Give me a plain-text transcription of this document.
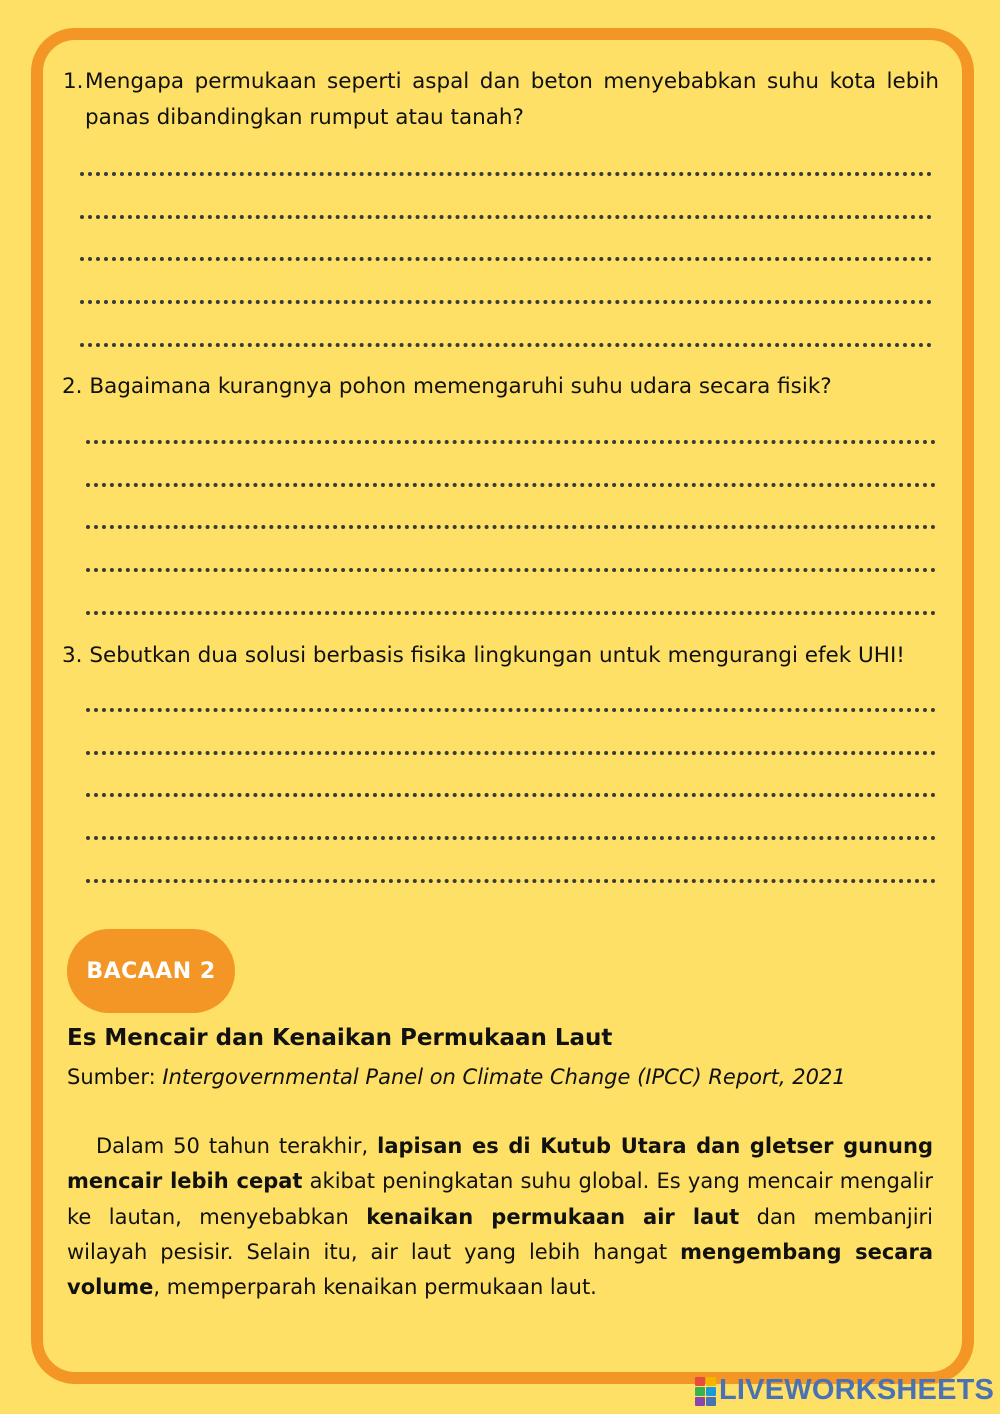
1. Mengapa permukaan seperti aspal dan beton menyebabkan suhu kota lebih panas dibandingkan rumput atau tanah?

2. Bagaimana kurangnya pohon memengaruhi suhu udara secara fisik?

3. Sebutkan dua solusi berbasis fisika lingkungan untuk mengurangi efek UHI!

BACAAN 2

Es Mencair dan Kenaikan Permukaan Laut

Sumber: Intergovernmental Panel on Climate Change (IPCC) Report, 2021

Dalam 50 tahun terakhir, lapisan es di Kutub Utara dan gletser gunung mencair lebih cepat akibat peningkatan suhu global. Es yang mencair mengalir ke lautan, menyebabkan kenaikan permukaan air laut dan membanjiri wilayah pesisir. Selain itu, air laut yang lebih hangat mengembang secara volume, memperparah kenaikan permukaan laut.

LIVEWORKSHEETS
